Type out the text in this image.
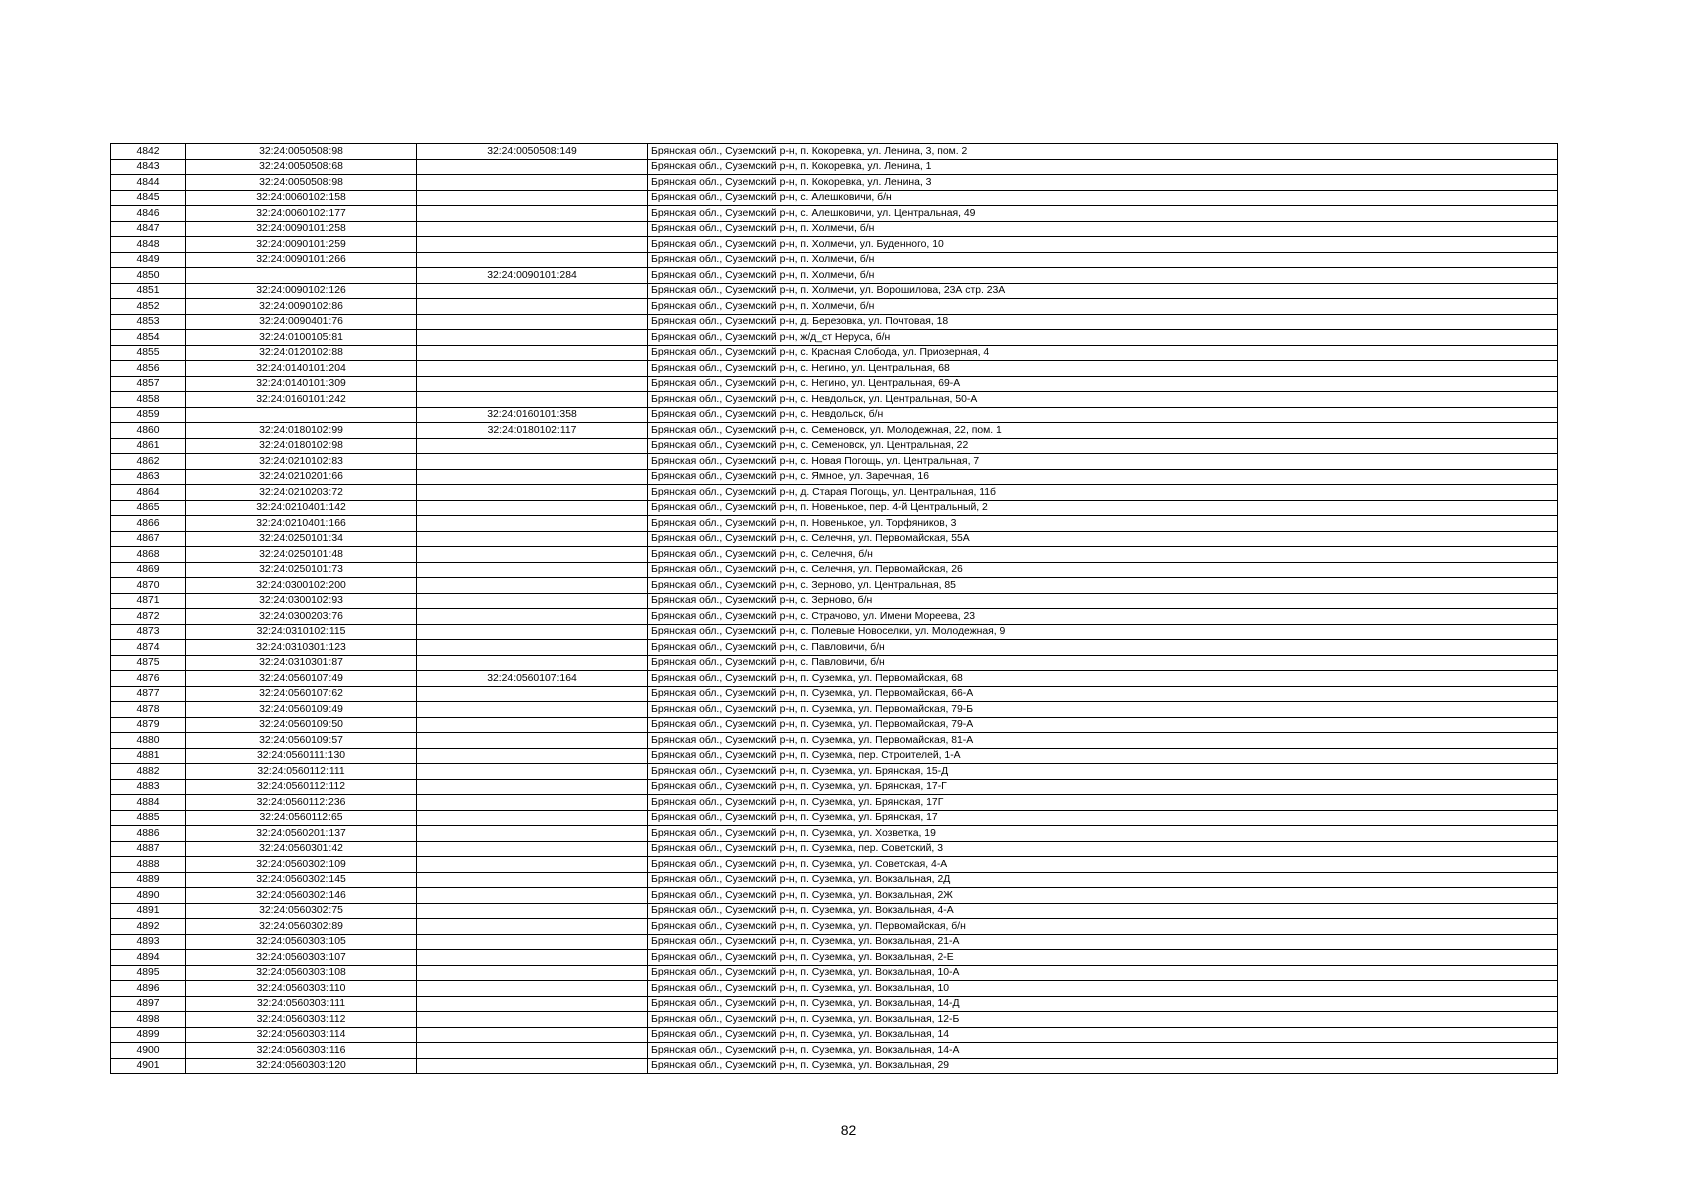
4842	32:24:0050508:98	32:24:0050508:149	Брянская обл., Суземский р-н, п. Кокоревка, ул. Ленина, 3, пом. 2
4843	32:24:0050508:68		Брянская обл., Суземский р-н, п. Кокоревка, ул. Ленина, 1
4844	32:24:0050508:98		Брянская обл., Суземский р-н, п. Кокоревка, ул. Ленина, 3
4845	32:24:0060102:158		Брянская обл., Суземский р-н, с. Алешковичи, б/н
4846	32:24:0060102:177		Брянская обл., Суземский р-н, с. Алешковичи, ул. Центральная, 49
4847	32:24:0090101:258		Брянская обл., Суземский р-н, п. Холмечи, б/н
4848	32:24:0090101:259		Брянская обл., Суземский р-н, п. Холмечи, ул. Буденного, 10
4849	32:24:0090101:266		Брянская обл., Суземский р-н, п. Холмечи, б/н
4850		32:24:0090101:284	Брянская обл., Суземский р-н, п. Холмечи, б/н
4851	32:24:0090102:126		Брянская обл., Суземский р-н, п. Холмечи, ул. Ворошилова, 23А стр. 23А
4852	32:24:0090102:86		Брянская обл., Суземский р-н, п. Холмечи, б/н
4853	32:24:0090401:76		Брянская обл., Суземский р-н, д. Березовка, ул. Почтовая, 18
4854	32:24:0100105:81		Брянская обл., Суземский р-н, ж/д_ст Неруса, б/н
4855	32:24:0120102:88		Брянская обл., Суземский р-н, с. Красная Слобода, ул. Приозерная, 4
4856	32:24:0140101:204		Брянская обл., Суземский р-н, с. Негино, ул. Центральная, 68
4857	32:24:0140101:309		Брянская обл., Суземский р-н, с. Негино, ул. Центральная, 69-А
4858	32:24:0160101:242		Брянская обл., Суземский р-н, с. Невдольск, ул. Центральная, 50-А
4859		32:24:0160101:358	Брянская обл., Суземский р-н, с. Невдольск, б/н
4860	32:24:0180102:99	32:24:0180102:117	Брянская обл., Суземский р-н, с. Семеновск, ул. Молодежная, 22, пом. 1
4861	32:24:0180102:98		Брянская обл., Суземский р-н, с. Семеновск, ул. Центральная, 22
4862	32:24:0210102:83		Брянская обл., Суземский р-н, с. Новая Погощь, ул. Центральная, 7
4863	32:24:0210201:66		Брянская обл., Суземский р-н, с. Ямное, ул. Заречная, 16
4864	32:24:0210203:72		Брянская обл., Суземский р-н, д. Старая Погощь, ул. Центральная, 11б
4865	32:24:0210401:142		Брянская обл., Суземский р-н, п. Новенькое, пер. 4-й Центральный, 2
4866	32:24:0210401:166		Брянская обл., Суземский р-н, п. Новенькое, ул. Торфяников, 3
4867	32:24:0250101:34		Брянская обл., Суземский р-н, с. Селечня, ул. Первомайская, 55А
4868	32:24:0250101:48		Брянская обл., Суземский р-н, с. Селечня, б/н
4869	32:24:0250101:73		Брянская обл., Суземский р-н, с. Селечня, ул. Первомайская, 26
4870	32:24:0300102:200		Брянская обл., Суземский р-н, с. Зерново, ул. Центральная, 85
4871	32:24:0300102:93		Брянская обл., Суземский р-н, с. Зерново, б/н
4872	32:24:0300203:76		Брянская обл., Суземский р-н, с. Страчово, ул. Имени Мореева, 23
4873	32:24:0310102:115		Брянская обл., Суземский р-н, с. Полевые Новоселки, ул. Молодежная, 9
4874	32:24:0310301:123		Брянская обл., Суземский р-н, с. Павловичи, б/н
4875	32:24:0310301:87		Брянская обл., Суземский р-н, с. Павловичи, б/н
4876	32:24:0560107:49	32:24:0560107:164	Брянская обл., Суземский р-н, п. Суземка, ул. Первомайская, 68
4877	32:24:0560107:62		Брянская обл., Суземский р-н, п. Суземка, ул. Первомайская, 66-А
4878	32:24:0560109:49		Брянская обл., Суземский р-н, п. Суземка, ул. Первомайская, 79-Б
4879	32:24:0560109:50		Брянская обл., Суземский р-н, п. Суземка, ул. Первомайская, 79-А
4880	32:24:0560109:57		Брянская обл., Суземский р-н, п. Суземка, ул. Первомайская, 81-А
4881	32:24:0560111:130		Брянская обл., Суземский р-н, п. Суземка, пер. Строителей, 1-А
4882	32:24:0560112:111		Брянская обл., Суземский р-н, п. Суземка, ул. Брянская, 15-Д
4883	32:24:0560112:112		Брянская обл., Суземский р-н, п. Суземка, ул. Брянская, 17-Г
4884	32:24:0560112:236		Брянская обл., Суземский р-н, п. Суземка, ул. Брянская, 17Г
4885	32:24:0560112:65		Брянская обл., Суземский р-н, п. Суземка, ул. Брянская, 17
4886	32:24:0560201:137		Брянская обл., Суземский р-н, п. Суземка, ул. Хозветка, 19
4887	32:24:0560301:42		Брянская обл., Суземский р-н, п. Суземка, пер. Советский, 3
4888	32:24:0560302:109		Брянская обл., Суземский р-н, п. Суземка, ул. Советская, 4-А
4889	32:24:0560302:145		Брянская обл., Суземский р-н, п. Суземка, ул. Вокзальная, 2Д
4890	32:24:0560302:146		Брянская обл., Суземский р-н, п. Суземка, ул. Вокзальная, 2Ж
4891	32:24:0560302:75		Брянская обл., Суземский р-н, п. Суземка, ул. Вокзальная, 4-А
4892	32:24:0560302:89		Брянская обл., Суземский р-н, п. Суземка, ул. Первомайская, б/н
4893	32:24:0560303:105		Брянская обл., Суземский р-н, п. Суземка, ул. Вокзальная, 21-А
4894	32:24:0560303:107		Брянская обл., Суземский р-н, п. Суземка, ул. Вокзальная, 2-Е
4895	32:24:0560303:108		Брянская обл., Суземский р-н, п. Суземка, ул. Вокзальная, 10-А
4896	32:24:0560303:110		Брянская обл., Суземский р-н, п. Суземка, ул. Вокзальная, 10
4897	32:24:0560303:111		Брянская обл., Суземский р-н, п. Суземка, ул. Вокзальная, 14-Д
4898	32:24:0560303:112		Брянская обл., Суземский р-н, п. Суземка, ул. Вокзальная, 12-Б
4899	32:24:0560303:114		Брянская обл., Суземский р-н, п. Суземка, ул. Вокзальная, 14
4900	32:24:0560303:116		Брянская обл., Суземский р-н, п. Суземка, ул. Вокзальная, 14-А
4901	32:24:0560303:120		Брянская обл., Суземский р-н, п. Суземка, ул. Вокзальная, 29
82
